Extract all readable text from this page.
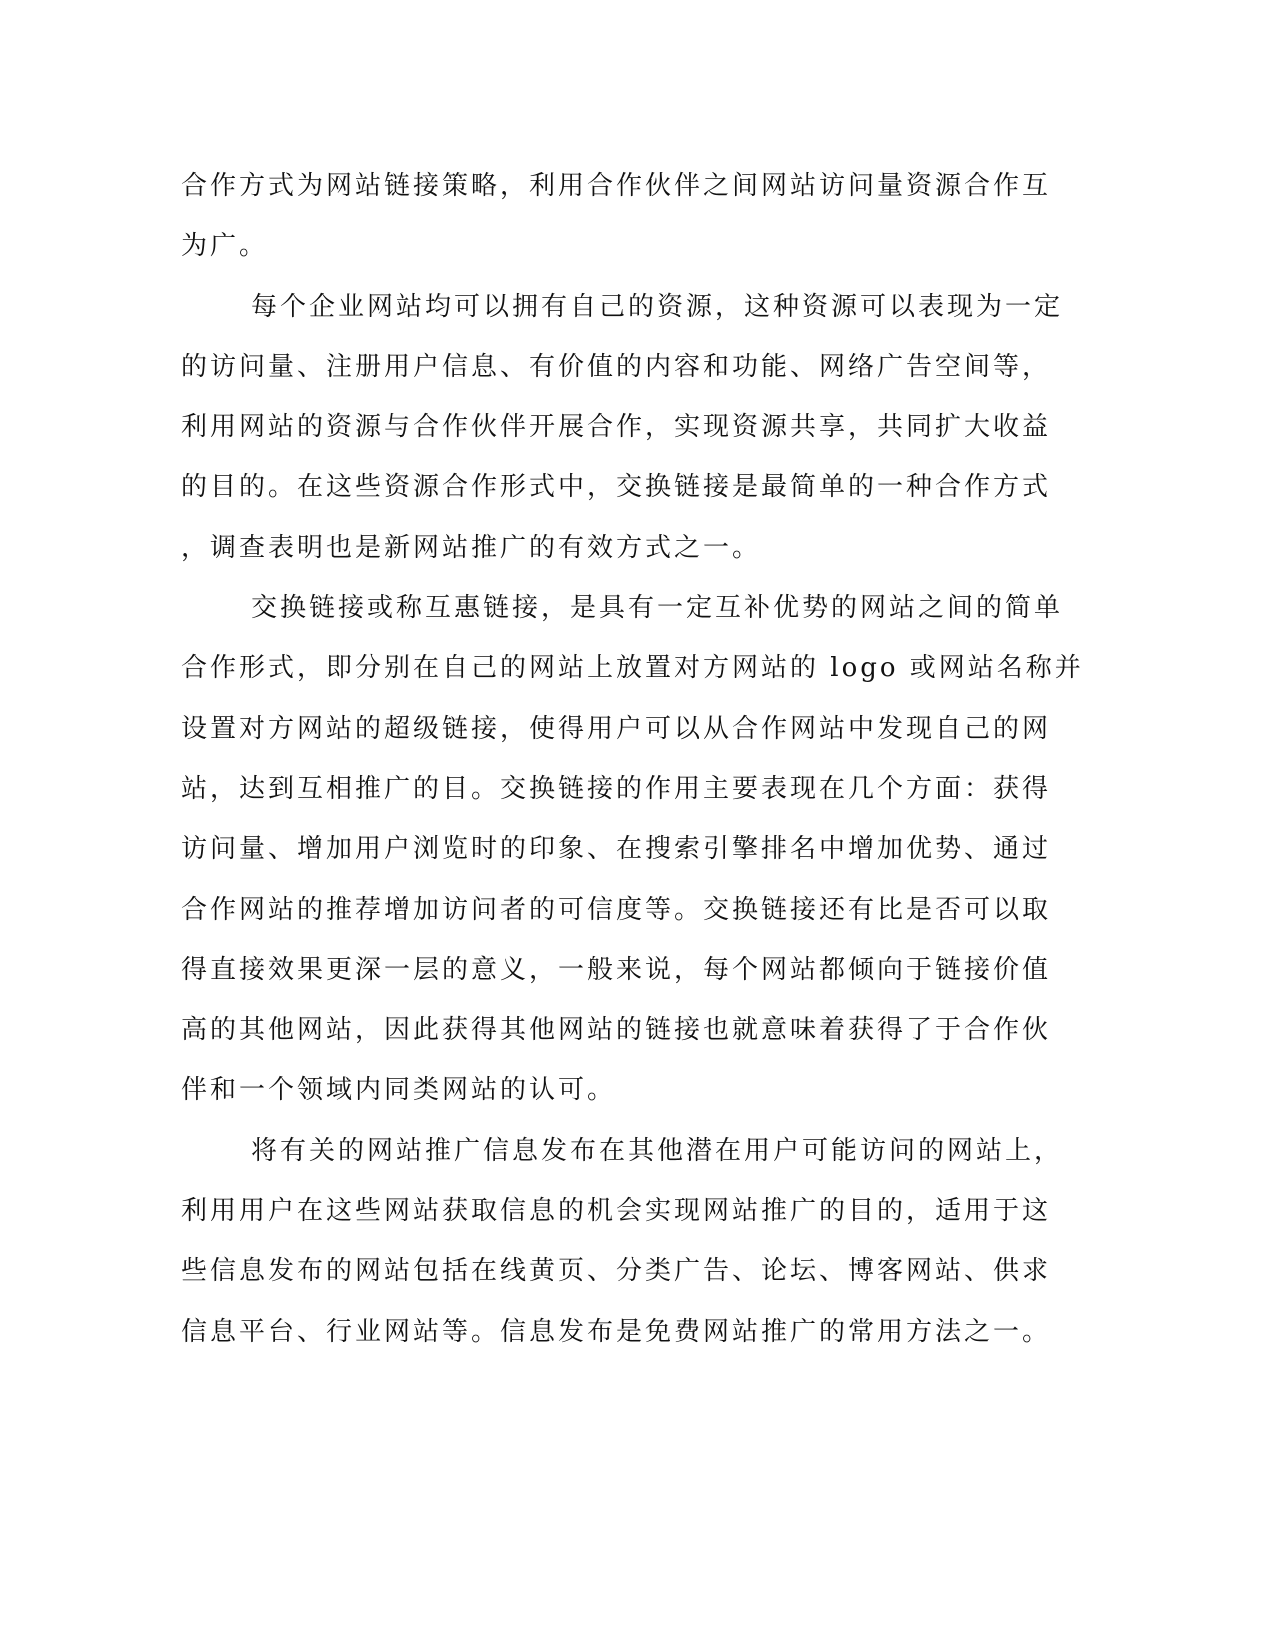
合作方式为网站链接策略，利用合作伙伴之间网站访问量资源合作互
为广。
每个企业网站均可以拥有自己的资源，这种资源可以表现为一定
的访问量、注册用户信息、有价值的内容和功能、网络广告空间等，
利用网站的资源与合作伙伴开展合作，实现资源共享，共同扩大收益
的目的。在这些资源合作形式中，交换链接是最简单的一种合作方式
，调查表明也是新网站推广的有效方式之一。
交换链接或称互惠链接，是具有一定互补优势的网站之间的简单
合作形式，即分别在自己的网站上放置对方网站的 logo 或网站名称并
设置对方网站的超级链接，使得用户可以从合作网站中发现自己的网
站，达到互相推广的目。交换链接的作用主要表现在几个方面：获得
访问量、增加用户浏览时的印象、在搜索引擎排名中增加优势、通过
合作网站的推荐增加访问者的可信度等。交换链接还有比是否可以取
得直接效果更深一层的意义，一般来说，每个网站都倾向于链接价值
高的其他网站，因此获得其他网站的链接也就意味着获得了于合作伙
伴和一个领域内同类网站的认可。
将有关的网站推广信息发布在其他潜在用户可能访问的网站上，
利用用户在这些网站获取信息的机会实现网站推广的目的，适用于这
些信息发布的网站包括在线黄页、分类广告、论坛、博客网站、供求
信息平台、行业网站等。信息发布是免费网站推广的常用方法之一。
